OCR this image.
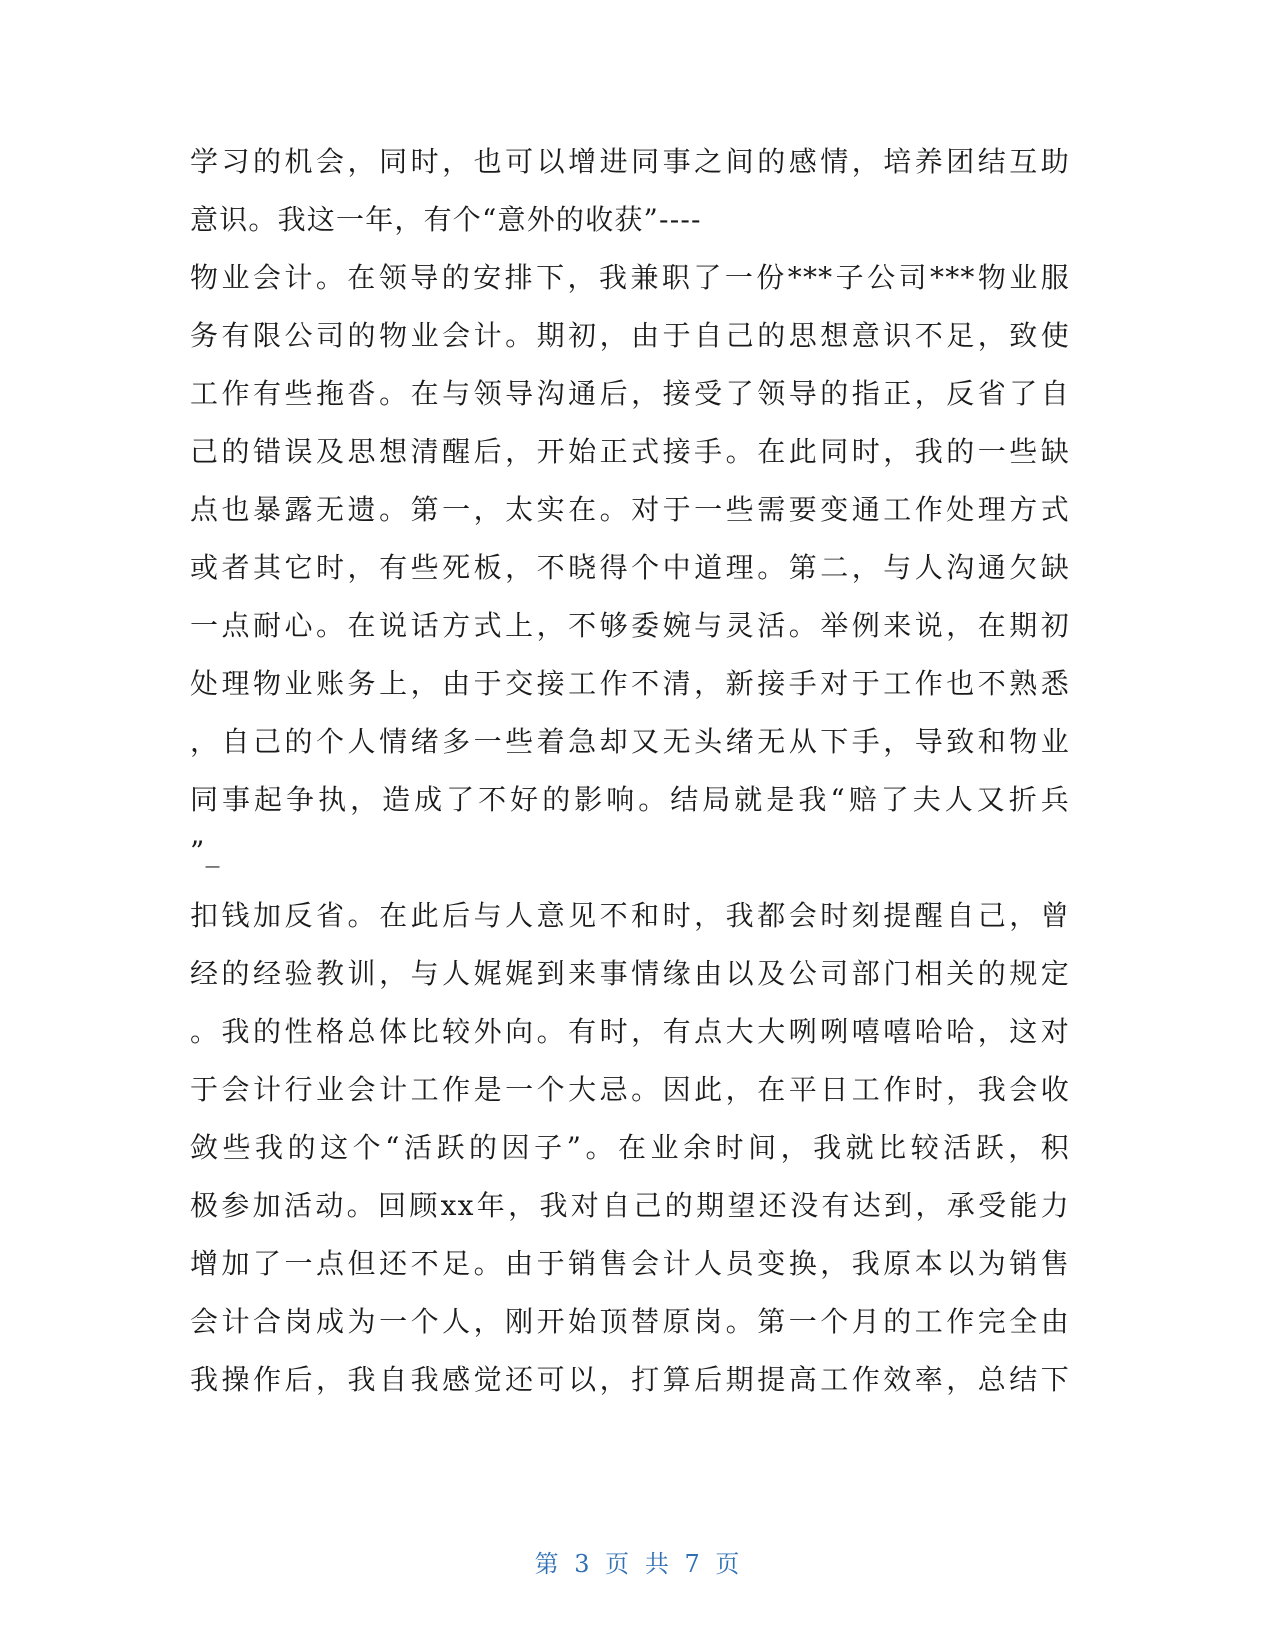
学习的机会，同时，也可以增进同事之间的感情，培养团结互助
意识。我这一年，有个“意外的收获”----
物业会计。在领导的安排下，我兼职了一份***子公司***物业服
务有限公司的物业会计。期初，由于自己的思想意识不足，致使
工作有些拖沓。在与领导沟通后，接受了领导的指正，反省了自
己的错误及思想清醒后，开始正式接手。在此同时，我的一些缺
点也暴露无遗。第一，太实在。对于一些需要变通工作处理方式
或者其它时，有些死板，不晓得个中道理。第二，与人沟通欠缺
一点耐心。在说话方式上，不够委婉与灵活。举例来说，在期初
处理物业账务上，由于交接工作不清，新接手对于工作也不熟悉
，自己的个人情绪多一些着急却又无头绪无从下手，导致和物业
同事起争执，造成了不好的影响。结局就是我“赔了夫人又折兵
”_
扣钱加反省。在此后与人意见不和时，我都会时刻提醒自己，曾
经的经验教训，与人娓娓到来事情缘由以及公司部门相关的规定
。我的性格总体比较外向。有时，有点大大咧咧嘻嘻哈哈，这对
于会计行业会计工作是一个大忌。因此，在平日工作时，我会收
敛些我的这个“活跃的因子”。在业余时间，我就比较活跃，积
极参加活动。回顾xx年，我对自己的期望还没有达到，承受能力
增加了一点但还不足。由于销售会计人员变换，我原本以为销售
会计合岗成为一个人，刚开始顶替原岗。第一个月的工作完全由
我操作后，我自我感觉还可以，打算后期提高工作效率，总结下
第 3 页 共 7 页
